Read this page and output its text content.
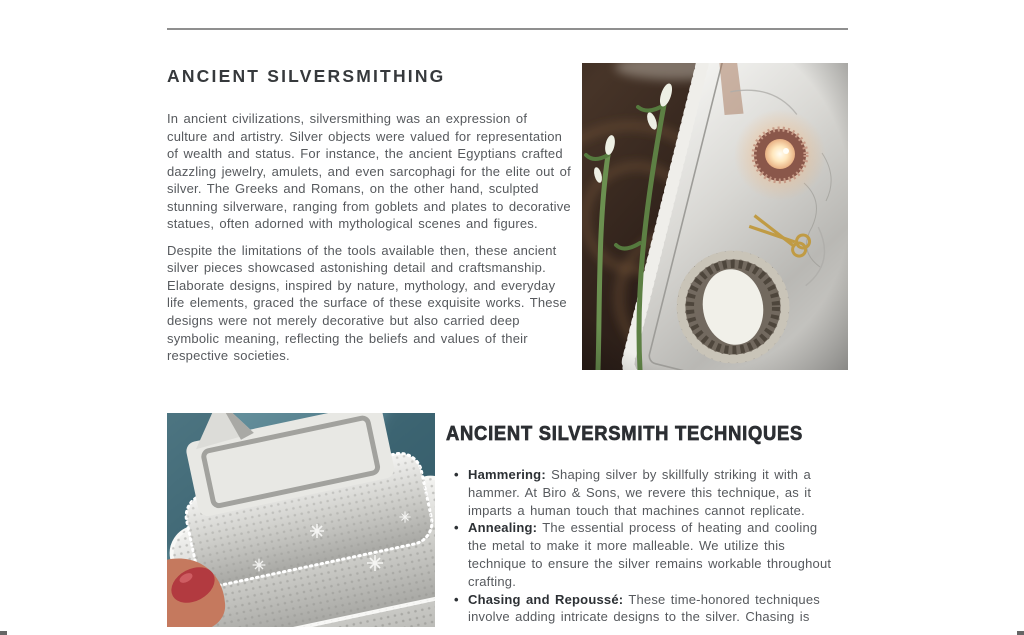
ANCIENT SILVERSMITHING

In ancient civilizations, silversmithing was an expression of culture and artistry. Silver objects were valued for representation of wealth and status. For instance, the ancient Egyptians crafted dazzling jewelry, amulets, and even sarcophagi for the elite out of silver. The Greeks and Romans, on the other hand, sculpted stunning silverware, ranging from goblets and plates to decorative statues, often adorned with mythological scenes and figures.

Despite the limitations of the tools available then, these ancient silver pieces showcased astonishing detail and craftsmanship. Elaborate designs, inspired by nature, mythology, and everyday life elements, graced the surface of these exquisite works. These designs were not merely decorative but also carried deep symbolic meaning, reflecting the beliefs and values of their respective societies.

ANCIENT SILVERSMITH TECHNIQUES
• Hammering: Shaping silver by skillfully striking it with a hammer. At Biro & Sons, we revere this technique, as it imparts a human touch that machines cannot replicate.
• Annealing: The essential process of heating and cooling the metal to make it more malleable. We utilize this technique to ensure the silver remains workable throughout crafting.
• Chasing and Repoussé: These time-honored techniques involve adding intricate designs to the silver. Chasing is
